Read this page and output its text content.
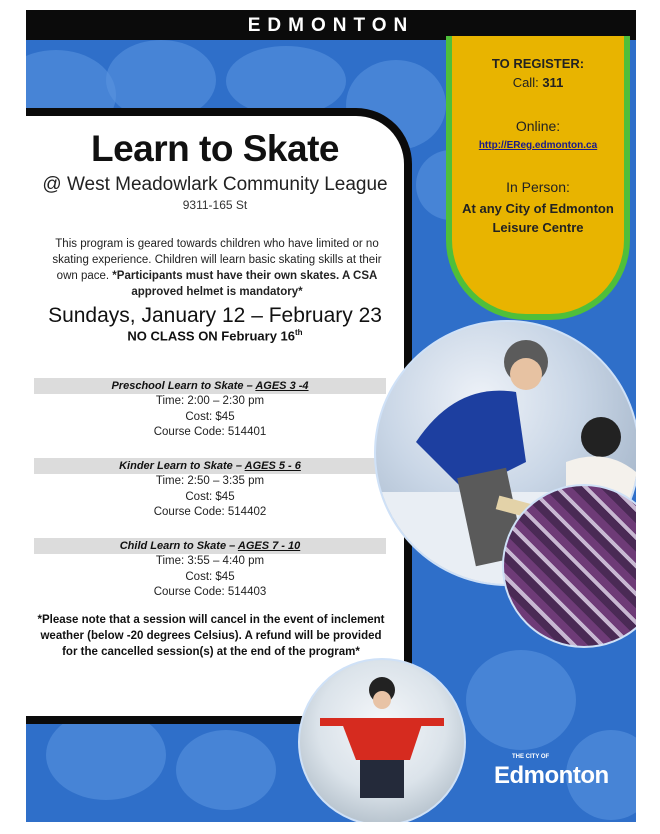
EDMONTON
TO REGISTER:
Call: 311
Online:
http://EReg.edmonton.ca
In Person:
At any City of Edmonton Leisure Centre
Learn to Skate
@ West Meadowlark Community League
9311-165 St
This program is geared towards children who have limited or no skating experience. Children will learn basic skating skills at their own pace. *Participants must have their own skates. A CSA approved helmet is mandatory*
Sundays, January 12 – February 23
NO CLASS ON February 16th
Preschool Learn to Skate – AGES 3 -4
Time: 2:00 – 2:30 pm
Cost: $45
Course Code: 514401
Kinder Learn to Skate – AGES 5 - 6
Time: 2:50 – 3:35 pm
Cost: $45
Course Code: 514402
Child Learn to Skate – AGES 7 - 10
Time: 3:55 – 4:40 pm
Cost: $45
Course Code: 514403
*Please note that a session will cancel in the event of inclement weather (below -20 degrees Celsius). A refund will be provided for the cancelled session(s) at the end of the program*
THE CITY OF
Edmonton
